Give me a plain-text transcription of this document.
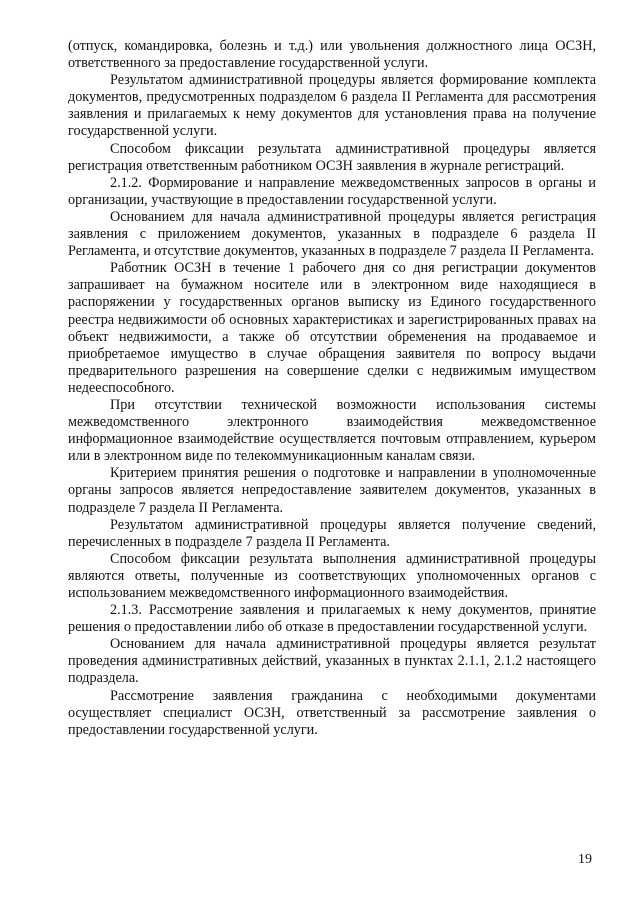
(отпуск, командировка, болезнь и т.д.) или увольнения должностного лица ОСЗН, ответственного за предоставление государственной услуги.

Результатом административной процедуры является формирование комплекта документов, предусмотренных подразделом 6 раздела II Регламента для рассмотрения заявления и прилагаемых к нему документов для установления права на получение государственной услуги.

Способом фиксации результата административной процедуры является регистрация ответственным работником ОСЗН заявления в журнале регистраций.

2.1.2. Формирование и направление межведомственных запросов в органы и организации, участвующие в предоставлении государственной услуги.

Основанием для начала административной процедуры является регистрация заявления с приложением документов, указанных в подразделе 6 раздела II Регламента, и отсутствие документов, указанных в подразделе 7 раздела II Регламента.

Работник ОСЗН в течение 1 рабочего дня со дня регистрации документов запрашивает на бумажном носителе или в электронном виде находящиеся в распоряжении у государственных органов выписку из Единого государственного реестра недвижимости об основных характеристиках и зарегистрированных правах на объект недвижимости, а также об отсутствии обременения на продаваемое и приобретаемое имущество в случае обращения заявителя по вопросу выдачи предварительного разрешения на совершение сделки с недвижимым имуществом недееспособного.

При отсутствии технической возможности использования системы межведомственного электронного взаимодействия межведомственное информационное взаимодействие осуществляется почтовым отправлением, курьером или в электронном виде по телекоммуникационным каналам связи.

Критерием принятия решения о подготовке и направлении в уполномоченные органы запросов является непредоставление заявителем документов, указанных в подразделе 7 раздела II Регламента.

Результатом административной процедуры является получение сведений, перечисленных в подразделе 7 раздела II Регламента.

Способом фиксации результата выполнения административной процедуры являются ответы, полученные из соответствующих уполномоченных органов с использованием межведомственного информационного взаимодействия.

2.1.3. Рассмотрение заявления и прилагаемых к нему документов, принятие решения о предоставлении либо об отказе в предоставлении государственной услуги.

Основанием для начала административной процедуры является результат проведения административных действий, указанных в пунктах 2.1.1, 2.1.2 настоящего подраздела.

Рассмотрение заявления гражданина с необходимыми документами осуществляет специалист ОСЗН, ответственный за рассмотрение заявления о предоставлении государственной услуги.

19
